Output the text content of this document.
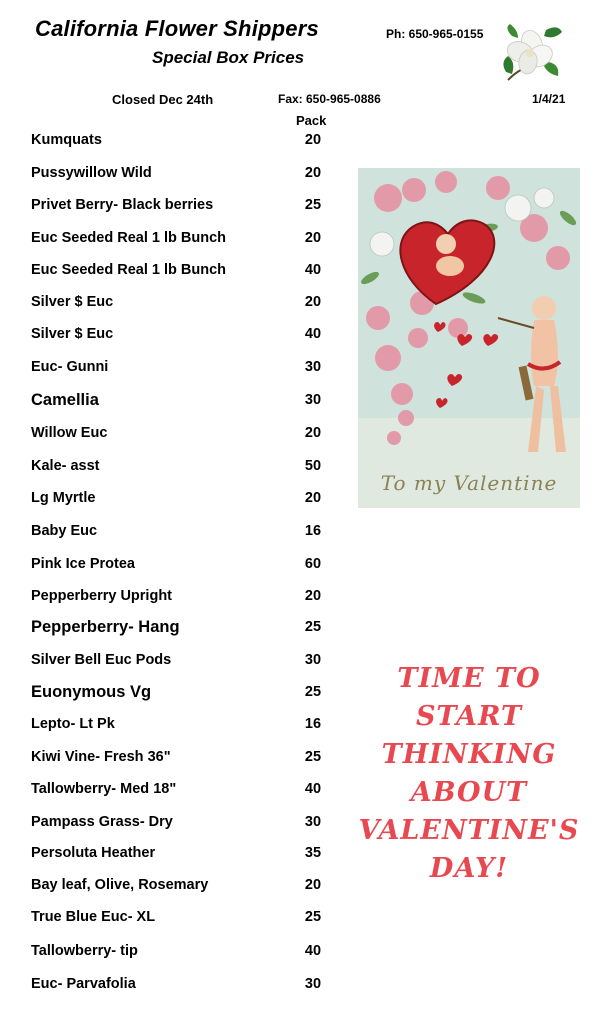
California Flower Shippers
Special Box Prices
Ph: 650-965-0155
Closed Dec 24th	Fax: 650-965-0886	1/4/21
Pack
Kumquats	20
Pussywillow Wild	20
Privet Berry- Black berries	25
Euc Seeded Real 1 lb Bunch	20
Euc Seeded Real 1 lb Bunch	40
Silver $ Euc	20
Silver $ Euc	40
Euc- Gunni	30
Camellia	30
Willow Euc	20
Kale- asst	50
Lg Myrtle	20
Baby Euc	16
Pink Ice Protea	60
Pepperberry Upright	20
Pepperberry- Hang	25
Silver Bell Euc Pods	30
Euonymous Vg	25
Lepto- Lt Pk	16
Kiwi Vine- Fresh 36"	25
Tallowberry- Med 18"	40
Pampass Grass- Dry	30
Persoluta Heather	35
Bay leaf, Olive, Rosemary	20
True Blue Euc- XL	25
Tallowberry- tip	40
Euc- Parvafolia	30
To my Valentine
TIME TO
START
THINKING
ABOUT
VALENTINE'S
DAY!
